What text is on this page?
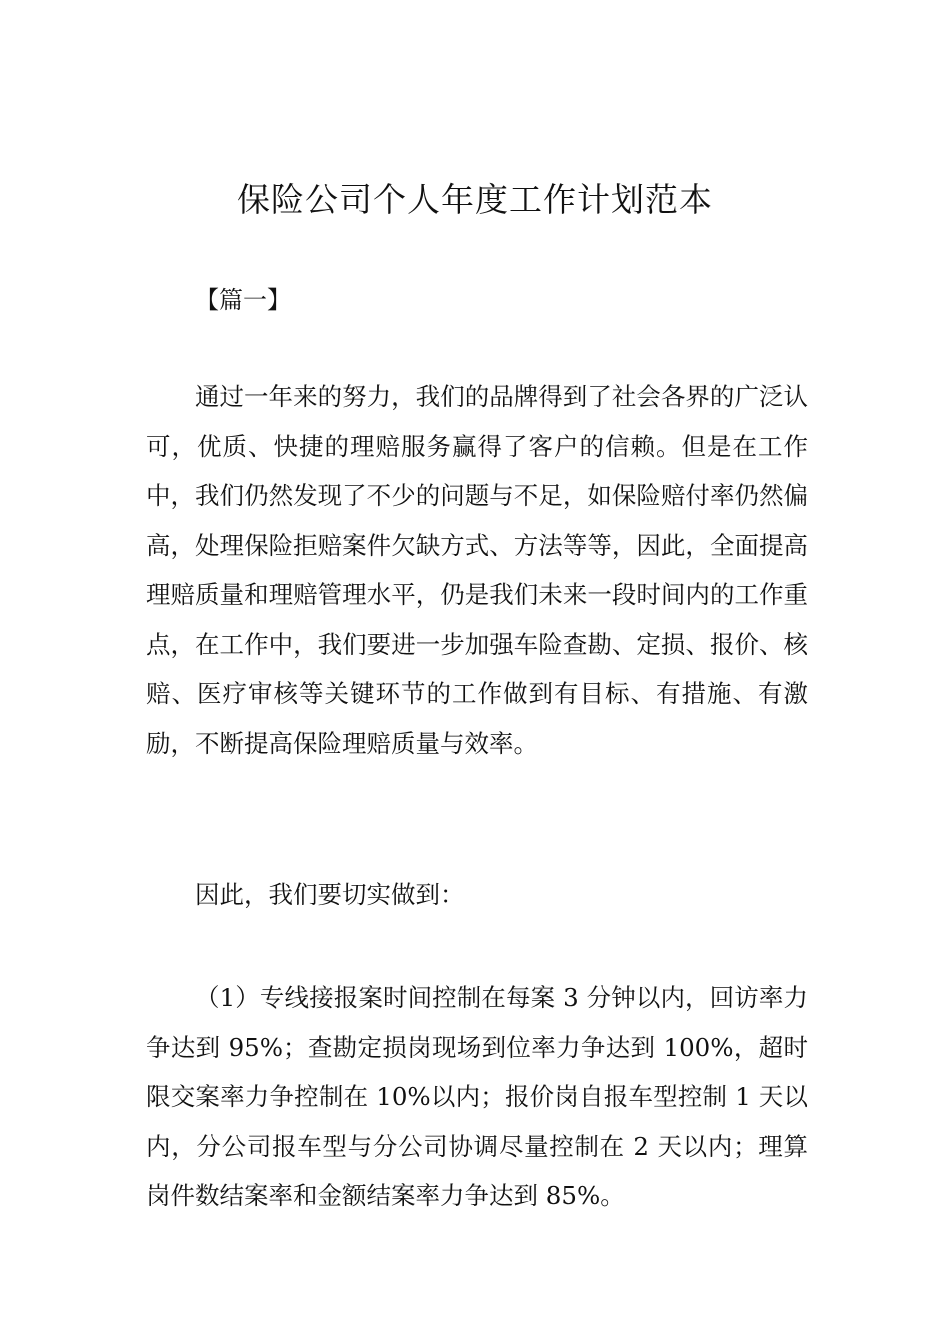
保险公司个人年度工作计划范本

【篇一】

通过一年来的努力，我们的品牌得到了社会各界的广泛认可，优质、快捷的理赔服务赢得了客户的信赖。但是在工作中，我们仍然发现了不少的问题与不足，如保险赔付率仍然偏高，处理保险拒赔案件欠缺方式、方法等等，因此，全面提高理赔质量和理赔管理水平，仍是我们未来一段时间内的工作重点，在工作中，我们要进一步加强车险查勘、定损、报价、核赔、医疗审核等关键环节的工作做到有目标、有措施、有激励，不断提高保险理赔质量与效率。

因此，我们要切实做到：

（1）专线接报案时间控制在每案 3 分钟以内，回访率力争达到 95%；查勘定损岗现场到位率力争达到 100%，超时限交案率力争控制在 10%以内；报价岗自报车型控制 1 天以内，分公司报车型与分公司协调尽量控制在 2 天以内；理算岗件数结案率和金额结案率力争达到 85%。
